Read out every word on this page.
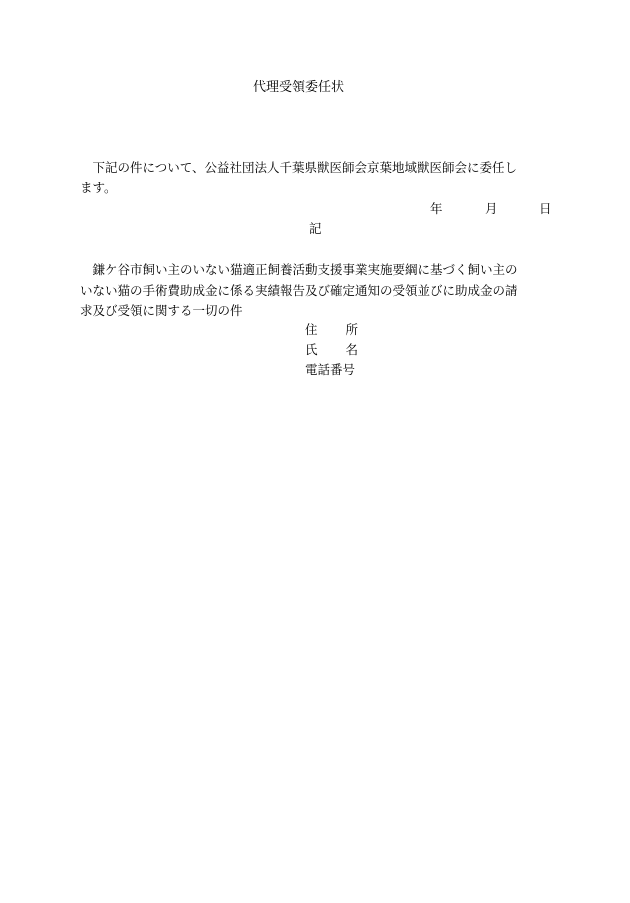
代理受領委任状
　下記の件について、公益社団法人千葉県獣医師会京葉地域獣医師会に委任し
ます。
年	月	日
記
　鎌ケ谷市飼い主のいない猫適正飼養活動支援事業実施要綱に基づく飼い主の
いない猫の手術費助成金に係る実績報告及び確定通知の受領並びに助成金の請
求及び受領に関する一切の件
住 所
氏 名
電話番号
